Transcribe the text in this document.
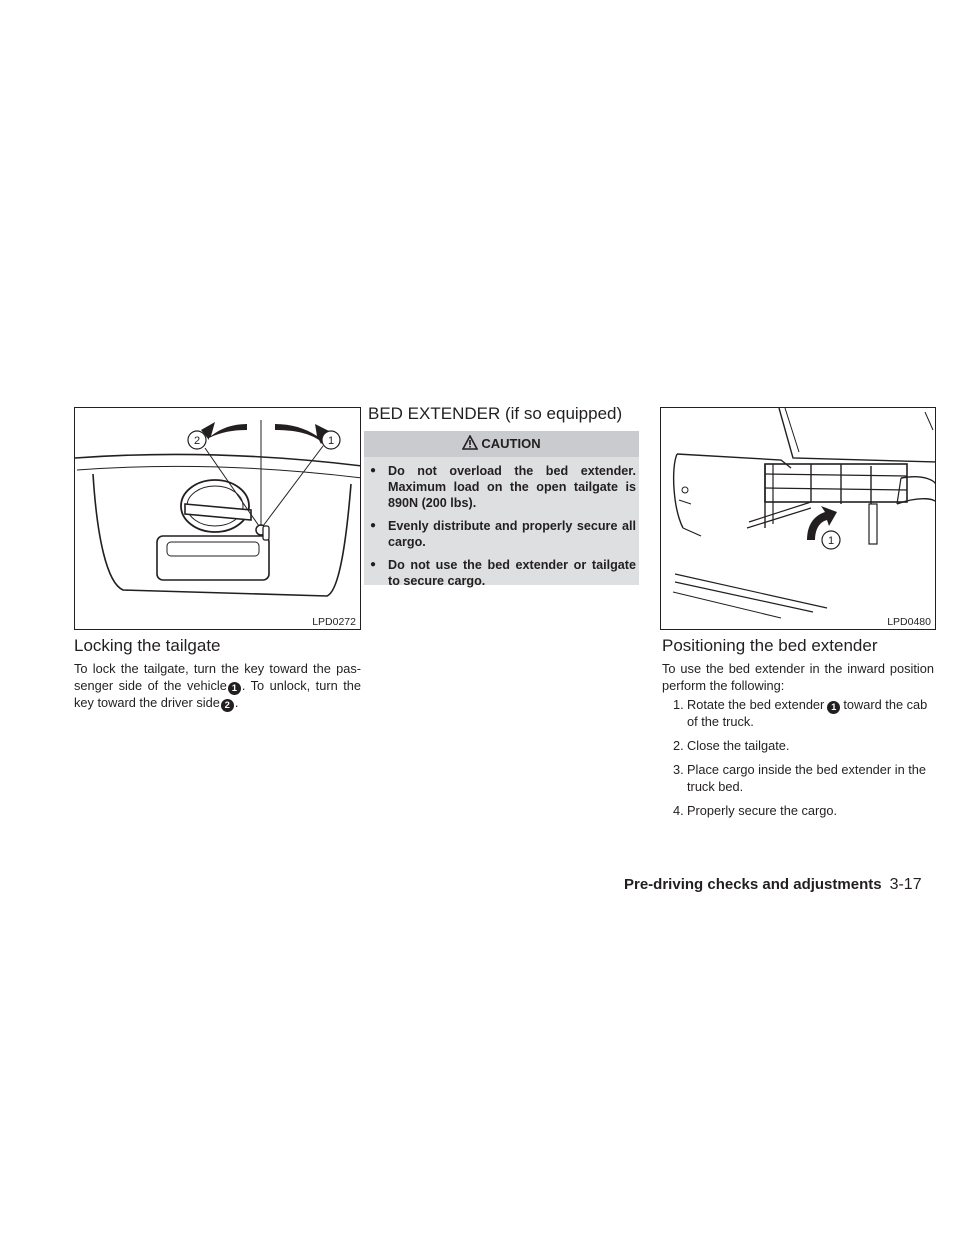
2	1
LPD0272
Locking the tailgate

To lock the tailgate, turn the key toward the pas-senger side of the vehicle 1 . To unlock, turn the key toward the driver side 2 .

BED EXTENDER (if so equipped)
CAUTION
● Do not overload the bed extender. Maximum load on the open tailgate is 890N (200 lbs).
● Evenly distribute and properly secure all cargo.
● Do not use the bed extender or tailgate to secure cargo.
1
LPD0480
Positioning the bed extender

To use the bed extender in the inward position perform the following:

1. Rotate the bed extender 1 toward the cab of the truck.
2. Close the tailgate.
3. Place cargo inside the bed extender in the truck bed.
4. Properly secure the cargo.
Pre-driving checks and adjustments 3-17
